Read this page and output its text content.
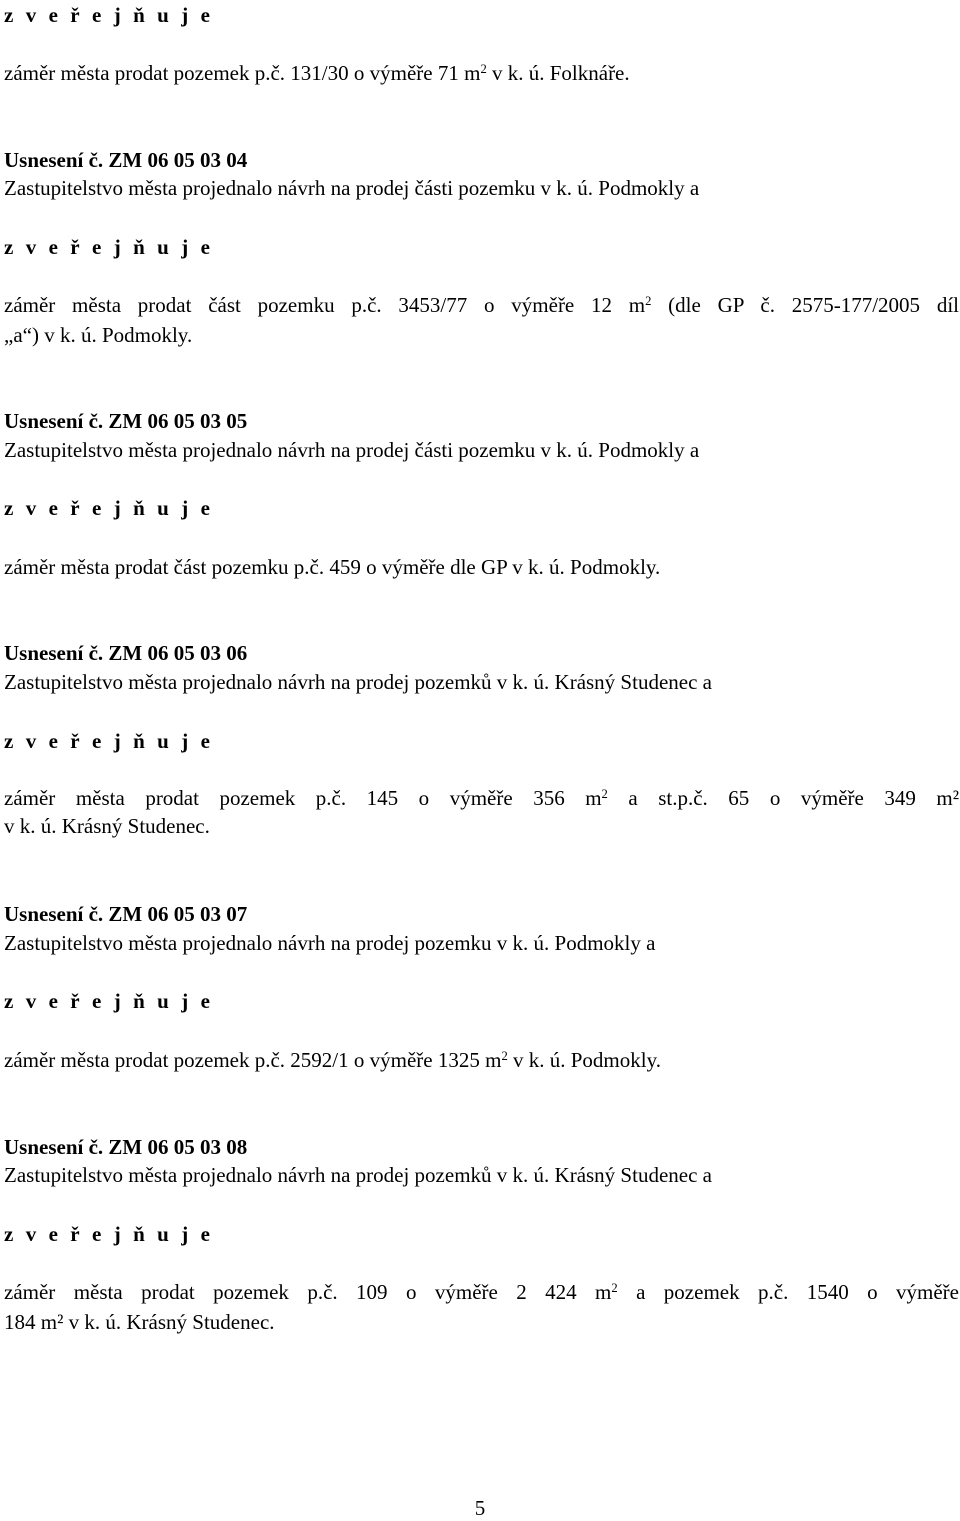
z v e ř e j ň u j e
záměr města prodat pozemek p.č. 131/30 o výměře 71 $m^2$ v k. ú. Folknáře.
Usnesení č. ZM 06 05 03 04
Zastupitelstvo města projednalo návrh na prodej části pozemku v k. ú. Podmokly a
z v e ř e j ň u j e
záměr města prodat část pozemku p.č. 3453/77 o výměře 12 $m^2$ (dle GP č. 2575-177/2005 díl
„a“) v k. ú. Podmokly.
Usnesení č. ZM 06 05 03 05
Zastupitelstvo města projednalo návrh na prodej části pozemku v k. ú. Podmokly a
z v e ř e j ň u j e
záměr města prodat část pozemku p.č. 459 o výměře dle GP v k. ú. Podmokly.
Usnesení č. ZM 06 05 03 06
Zastupitelstvo města projednalo návrh na prodej pozemků v k. ú. Krásný Studenec a
z v e ř e j ň u j e
záměr města prodat pozemek p.č. 145 o výměře 356 $m^2$ a st.p.č. 65 o výměře 349 m²
v k. ú. Krásný Studenec.
Usnesení č. ZM 06 05 03 07
Zastupitelstvo města projednalo návrh na prodej pozemku v k. ú. Podmokly a
z v e ř e j ň u j e
záměr města prodat pozemek p.č. 2592/1 o výměře 1325 $m^2$ v k. ú. Podmokly.
Usnesení č. ZM 06 05 03 08
Zastupitelstvo města projednalo návrh na prodej pozemků v k. ú. Krásný Studenec a
z v e ř e j ň u j e
záměr města prodat pozemek p.č. 109 o výměře 2 424 $m^2$ a pozemek p.č. 1540 o výměře
184 m² v k. ú. Krásný Studenec.
5
